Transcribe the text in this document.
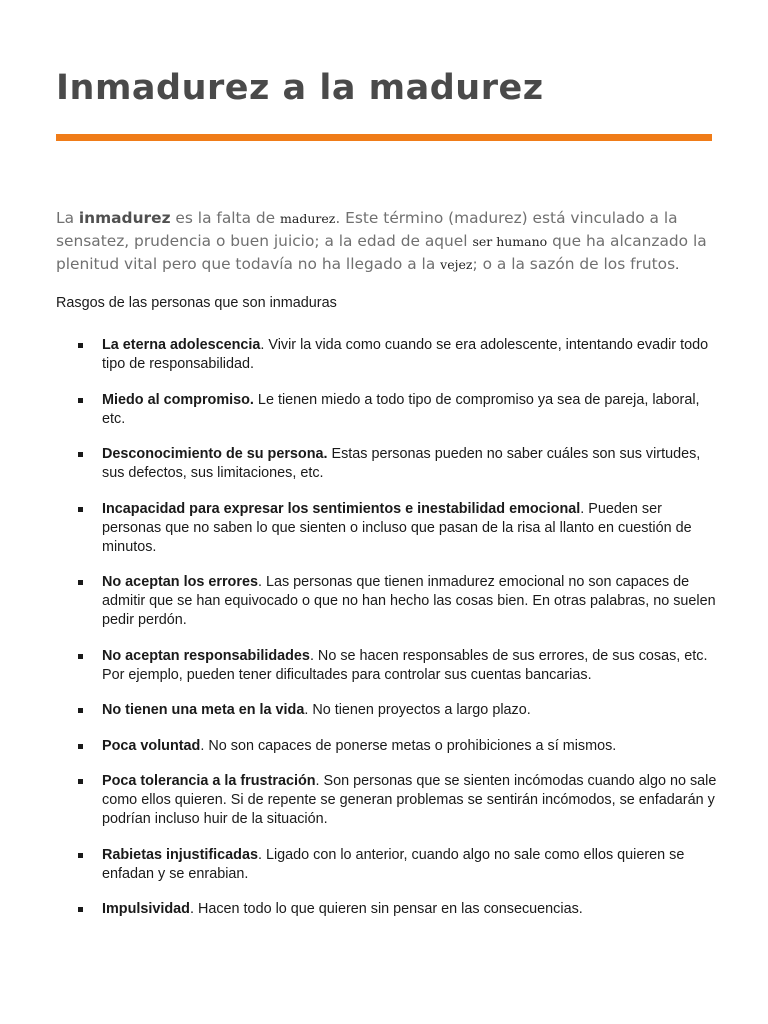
Inmadurez a la madurez

La inmadurez es la falta de madurez. Este término (madurez) está vinculado a la sensatez, prudencia o buen juicio; a la edad de aquel ser humano que ha alcanzado la plenitud vital pero que todavía no ha llegado a la vejez; o a la sazón de los frutos.

Rasgos de las personas que son inmaduras

La eterna adolescencia. Vivir la vida como cuando se era adolescente, intentando evadir todo tipo de responsabilidad.
Miedo al compromiso. Le tienen miedo a todo tipo de compromiso ya sea de pareja, laboral, etc.
Desconocimiento de su persona. Estas personas pueden no saber cuáles son sus virtudes, sus defectos, sus limitaciones, etc.
Incapacidad para expresar los sentimientos e inestabilidad emocional. Pueden ser personas que no saben lo que sienten o incluso que pasan de la risa al llanto en cuestión de minutos.
No aceptan los errores. Las personas que tienen inmadurez emocional no son capaces de admitir que se han equivocado o que no han hecho las cosas bien. En otras palabras, no suelen pedir perdón.
No aceptan responsabilidades. No se hacen responsables de sus errores, de sus cosas, etc. Por ejemplo, pueden tener dificultades para controlar sus cuentas bancarias.
No tienen una meta en la vida. No tienen proyectos a largo plazo.
Poca voluntad. No son capaces de ponerse metas o prohibiciones a sí mismos.
Poca tolerancia a la frustración. Son personas que se sienten incómodas cuando algo no sale como ellos quieren. Si de repente se generan problemas se sentirán incómodos, se enfadarán y podrían incluso huir de la situación.
Rabietas injustificadas. Ligado con lo anterior, cuando algo no sale como ellos quieren se enfadan y se enrabian.
Impulsividad. Hacen todo lo que quieren sin pensar en las consecuencias.
